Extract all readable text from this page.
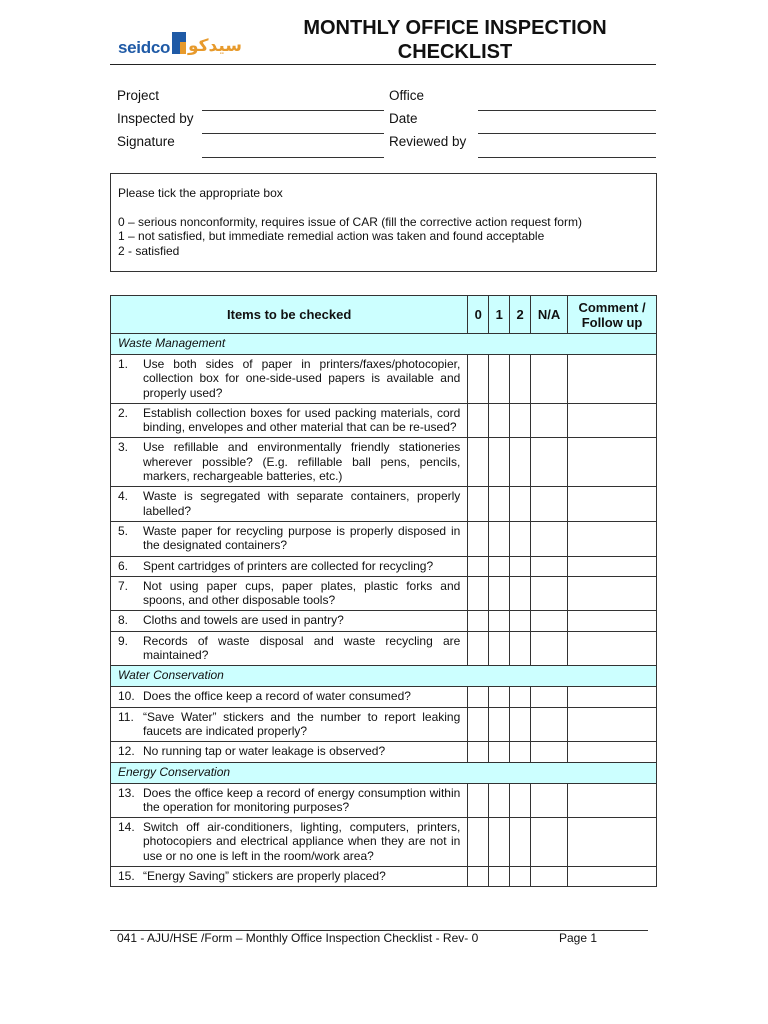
seidco سيدكو
MONTHLY OFFICE INSPECTION
CHECKLIST
Project	Office
Inspected by	Date
Signature	Reviewed by
Please tick the appropriate box
0 – serious nonconformity, requires issue of CAR (fill the corrective action request form)
1 – not satisfied, but immediate remedial action was taken and found acceptable
2 - satisfied
Items to be checked	0	1	2	N/A	Comment /
Follow up

Waste Management					

1. Use both sides of paper in printers/faxes/photocopier, collection box for one-side-used papers is available and properly used?					

2. Establish collection boxes for used packing materials, cord binding, envelopes and other material that can be re-used?					

3. Use refillable and environmentally friendly stationeries wherever possible? (E.g. refillable ball pens, pencils, markers, rechargeable batteries, etc.)					

4. Waste is segregated with separate containers, properly labelled?					

5. Waste paper for recycling purpose is properly disposed in the designated containers?					

6. Spent cartridges of printers are collected for recycling?					

7. Not using paper cups, paper plates, plastic forks and spoons, and other disposable tools?					

8. Cloths and towels are used in pantry?					

9. Records of waste disposal and waste recycling are maintained?					

Water Conservation					

10. Does the office keep a record of water consumed?					

11. “Save Water” stickers and the number to report leaking faucets are indicated properly?					

12. No running tap or water leakage is observed?					

Energy Conservation					

13. Does the office keep a record of energy consumption within the operation for monitoring purposes?					

14. Switch off air-conditioners, lighting, computers, printers, photocopiers and electrical appliance when they are not in use or no one is left in the room/work area?					

15. “Energy Saving” stickers are properly placed?					

041 - AJU/HSE /Form – Monthly Office Inspection Checklist - Rev- 0	Page 1
